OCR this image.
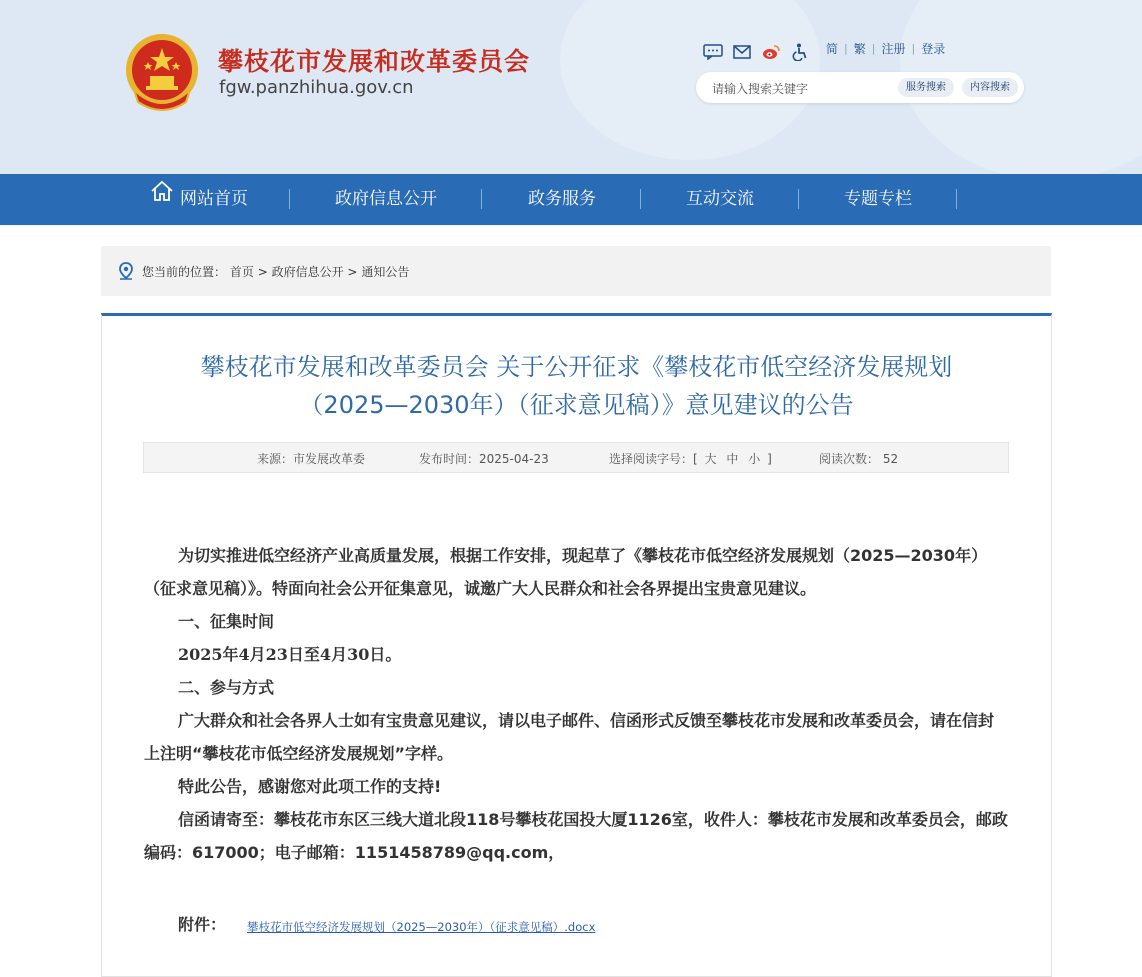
攀枝花市发展和改革委员会
fgw.panzhihua.gov.cn
简 | 繁 | 注册 | 登录
请输入搜索关键字
服务搜索	内容搜索
网站首页	政府信息公开	政务服务	互动交流	专题专栏
您当前的位置： 首页 > 政府信息公开 > 通知公告
攀枝花市发展和改革委员会 关于公开征求《攀枝花市低空经济发展规划
（2025—2030年）（征求意见稿）》意见建议的公告
来源：市发展改革委	发布时间：2025-04-23	选择阅读字号：[ 大 中 小 ]	阅读次数： 52

为切实推进低空经济产业高质量发展，根据工作安排，现起草了《攀枝花市低空经济发展规划（2025—2030年）（征求意见稿）》。特面向社会公开征集意见，诚邀广大人民群众和社会各界提出宝贵意见建议。

一、征集时间

2025年4月23日至4月30日。

二、参与方式

广大群众和社会各界人士如有宝贵意见建议，请以电子邮件、信函形式反馈至攀枝花市发展和改革委员会，请在信封上注明“攀枝花市低空经济发展规划”字样。

特此公告，感谢您对此项工作的支持!

信函请寄至：攀枝花市东区三线大道北段118号攀枝花国投大厦1126室，收件人：攀枝花市发展和改革委员会，邮政编码：617000；电子邮箱：1151458789@qq.com，

附件： 攀枝花市低空经济发展规划（2025—2030年）（征求意见稿）.docx
